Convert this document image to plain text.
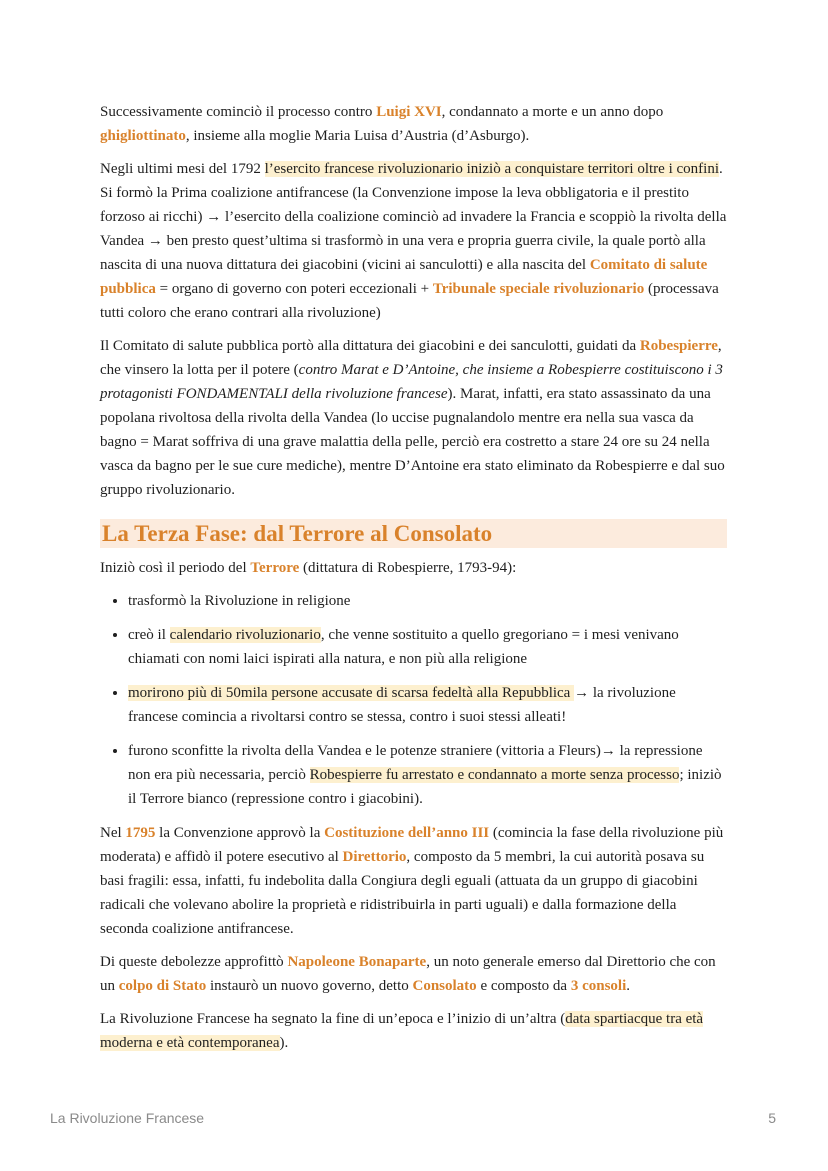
Successivamente cominciò il processo contro Luigi XVI, condannato a morte e un anno dopo ghigliottinato, insieme alla moglie Maria Luisa d’Austria (d’Asburgo).

Negli ultimi mesi del 1792 l’esercito francese rivoluzionario iniziò a conquistare territori oltre i confini. Si formò la Prima coalizione antifrancese (la Convenzione impose la leva obbligatoria e il prestito forzoso ai ricchi) → l’esercito della coalizione cominciò ad invadere la Francia e scoppiò la rivolta della Vandea → ben presto quest’ultima si trasformò in una vera e propria guerra civile, la quale portò alla nascita di una nuova dittatura dei giacobini (vicini ai sanculotti) e alla nascita del Comitato di salute pubblica = organo di governo con poteri eccezionali + Tribunale speciale rivoluzionario (processava tutti coloro che erano contrari alla rivoluzione)

Il Comitato di salute pubblica portò alla dittatura dei giacobini e dei sanculotti, guidati da Robespierre, che vinsero la lotta per il potere (contro Marat e D’Antoine, che insieme a Robespierre costituiscono i 3 protagonisti FONDAMENTALI della rivoluzione francese). Marat, infatti, era stato assassinato da una popolana rivoltosa della rivolta della Vandea (lo uccise pugnalandolo mentre era nella sua vasca da bagno = Marat soffriva di una grave malattia della pelle, perciò era costretto a stare 24 ore su 24 nella vasca da bagno per le sue cure mediche), mentre D’Antoine era stato eliminato da Robespierre e dal suo gruppo rivoluzionario.

La Terza Fase: dal Terrore al Consolato

Iniziò così il periodo del Terrore (dittatura di Robespierre, 1793-94):

• trasformò la Rivoluzione in religione
• creò il calendario rivoluzionario, che venne sostituito a quello gregoriano = i mesi venivano chiamati con nomi laici ispirati alla natura, e non più alla religione
• morirono più di 50mila persone accusate di scarsa fedeltà alla Repubblica → la rivoluzione francese comincia a rivoltarsi contro se stessa, contro i suoi stessi alleati!
• furono sconfitte la rivolta della Vandea e le potenze straniere (vittoria a Fleurs)→ la repressione non era più necessaria, perciò Robespierre fu arrestato e condannato a morte senza processo; iniziò il Terrore bianco (repressione contro i giacobini).

Nel 1795 la Convenzione approvò la Costituzione dell’anno III (comincia la fase della rivoluzione più moderata) e affidò il potere esecutivo al Direttorio, composto da 5 membri, la cui autorità posava su basi fragili: essa, infatti, fu indebolita dalla Congiura degli eguali (attuata da un gruppo di giacobini radicali che volevano abolire la proprietà e ridistribuirla in parti uguali) e dalla formazione della seconda coalizione antifrancese.

Di queste debolezze approfittò Napoleone Bonaparte, un noto generale emerso dal Direttorio che con un colpo di Stato instaurò un nuovo governo, detto Consolato e composto da 3 consoli.

La Rivoluzione Francese ha segnato la fine di un’epoca e l’inizio di un’altra (data spartiacque tra età moderna e età contemporanea).

La Rivoluzione Francese	5
